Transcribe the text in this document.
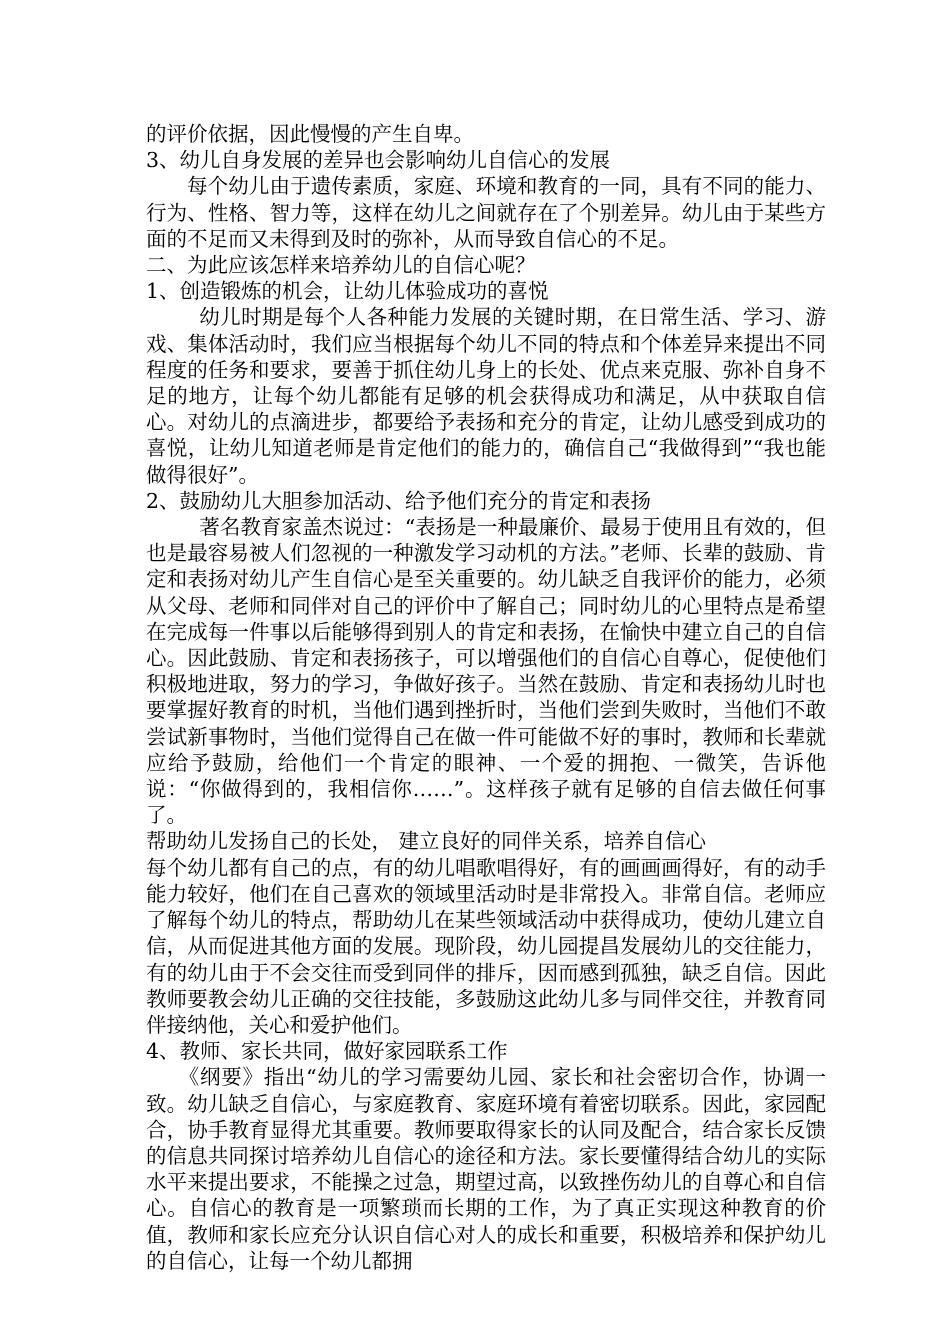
的评价依据，因此慢慢的产生自卑。

3、幼儿自身发展的差异也会影响幼儿自信心的发展

每个幼儿由于遗传素质，家庭、环境和教育的一同，具有不同的能力、行为、性格、智力等，这样在幼儿之间就存在了个别差异。幼儿由于某些方面的不足而又未得到及时的弥补，从而导致自信心的不足。

二、为此应该怎样来培养幼儿的自信心呢？

1、创造锻炼的机会，让幼儿体验成功的喜悦

幼儿时期是每个人各种能力发展的关键时期，在日常生活、学习、游戏、集体活动时，我们应当根据每个幼儿不同的特点和个体差异来提出不同程度的任务和要求，要善于抓住幼儿身上的长处、优点来克服、弥补自身不足的地方，让每个幼儿都能有足够的机会获得成功和满足，从中获取自信心。对幼儿的点滴进步，都要给予表扬和充分的肯定，让幼儿感受到成功的喜悦，让幼儿知道老师是肯定他们的能力的，确信自己“我做得到”“我也能做得很好”。

2、鼓励幼儿大胆参加活动、给予他们充分的肯定和表扬

著名教育家盖杰说过：“表扬是一种最廉价、最易于使用且有效的，但也是最容易被人们忽视的一种激发学习动机的方法。”老师、长辈的鼓励、肯定和表扬对幼儿产生自信心是至关重要的。幼儿缺乏自我评价的能力，必须从父母、老师和同伴对自己的评价中了解自己；同时幼儿的心里特点是希望在完成每一件事以后能够得到别人的肯定和表扬，在愉快中建立自己的自信心。因此鼓励、肯定和表扬孩子，可以增强他们的自信心自尊心，促使他们积极地进取，努力的学习，争做好孩子。当然在鼓励、肯定和表扬幼儿时也要掌握好教育的时机，当他们遇到挫折时，当他们尝到失败时，当他们不敢尝试新事物时，当他们觉得自己在做一件可能做不好的事时，教师和长辈就应给予鼓励，给他们一个肯定的眼神、一个爱的拥抱、一微笑，告诉他说：“你做得到的，我相信你……”。这样孩子就有足够的自信去做任何事了。

帮助幼儿发扬自己的长处， 建立良好的同伴关系，培养自信心

每个幼儿都有自己的点，有的幼儿唱歌唱得好，有的画画画得好，有的动手能力较好，他们在自己喜欢的领域里活动时是非常投入。非常自信。老师应了解每个幼儿的特点，帮助幼儿在某些领域活动中获得成功，使幼儿建立自信，从而促进其他方面的发展。现阶段，幼儿园提昌发展幼儿的交往能力，有的幼儿由于不会交往而受到同伴的排斥，因而感到孤独，缺乏自信。因此教师要教会幼儿正确的交往技能，多鼓励这此幼儿多与同伴交往，并教育同伴接纳他，关心和爱护他们。

4、教师、家长共同，做好家园联系工作

《纲要》指出“幼儿的学习需要幼儿园、家长和社会密切合作，协调一致。幼儿缺乏自信心，与家庭教育、家庭环境有着密切联系。因此，家园配合，协手教育显得尤其重要。教师要取得家长的认同及配合，结合家长反馈的信息共同探讨培养幼儿自信心的途径和方法。家长要懂得结合幼儿的实际水平来提出要求，不能操之过急，期望过高，以致挫伤幼儿的自尊心和自信心。自信心的教育是一项繁琐而长期的工作，为了真正实现这种教育的价值，教师和家长应充分认识自信心对人的成长和重要，积极培养和保护幼儿的自信心，让每一个幼儿都拥
